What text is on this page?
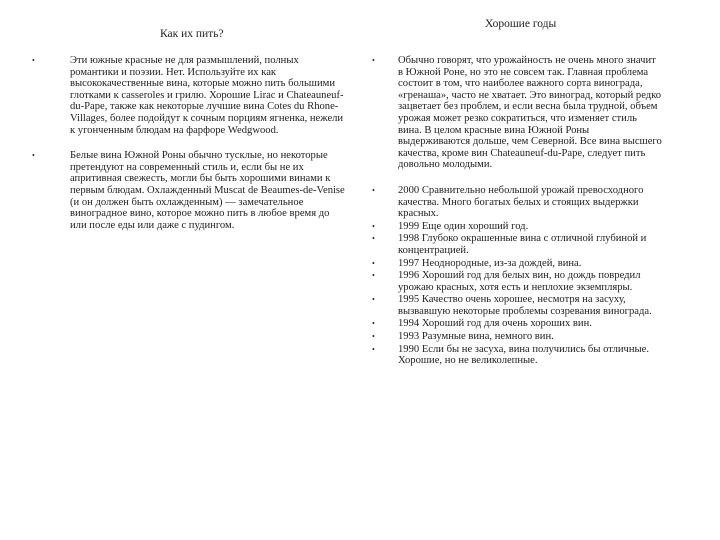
Как их пить?
•	Эти южные красные не для размышлений, полных романтики и поэзии. Нет. Используйте их как высококачественные вина, которые можно пить большими глотками к casseroles и грилю. Хорошие Lirac и Chateauneuf-du-Pape, также как некоторые лучшие вина Cotes du Rhone-Villages, более подойдут к сочным порциям ягненка, нежели к угонченным блюдам на фарфоре Wedgwood.
•	Белые вина Южной Роны обычно тусклые, но некоторые претендуют на современный стиль и, если бы не их апритивная свежесть, могли бы быть хорошими винами к первым блюдам. Охлажденный Muscat de Beaumes-de-Venise (и он должен быть охлажденным) — замечательное виноградное вино, которое можно пить в любое время до или после еды или даже с пудингом.
Хорошие годы
• Обычно говорят, что урожайность не очень много значит в Южной Роне, но это не совсем так. Главная проблема состоит в том, что наиболее важного сорта винограда, «гренаша», часто не хватает. Это виноград, который редко зацветает без проблем, и если весна была трудной, объем урожая может резко сократиться, что изменяет стиль вина. В целом красные вина Южной Роны выдерживаются дольше, чем Северной. Все вина высшего качества, кроме вин Chateauneuf-du-Pape, следует пить довольно молодыми.
• 2000 Сравнительно небольшой урожай превосходного качества. Много богатых белых и стоящих выдержки красных.
• 1999 Еще один хороший год.
• 1998 Глубоко окрашенные вина с отличной глубиной и концентрацией.
• 1997 Неоднородные, из-за дождей, вина.
• 1996 Хороший год для белых вин, но дождь повредил урожаю красных, хотя есть и неплохие экземпляры.
• 1995 Качество очень хорошее, несмотря на засуху, вызвавшую некоторые проблемы созревания винограда.
• 1994 Хороший год для очень хороших вин.
• 1993 Разумные вина, немного вин.
• 1990 Если бы не засуха, вина получились бы отличные. Хорошие, но не великолепные.
